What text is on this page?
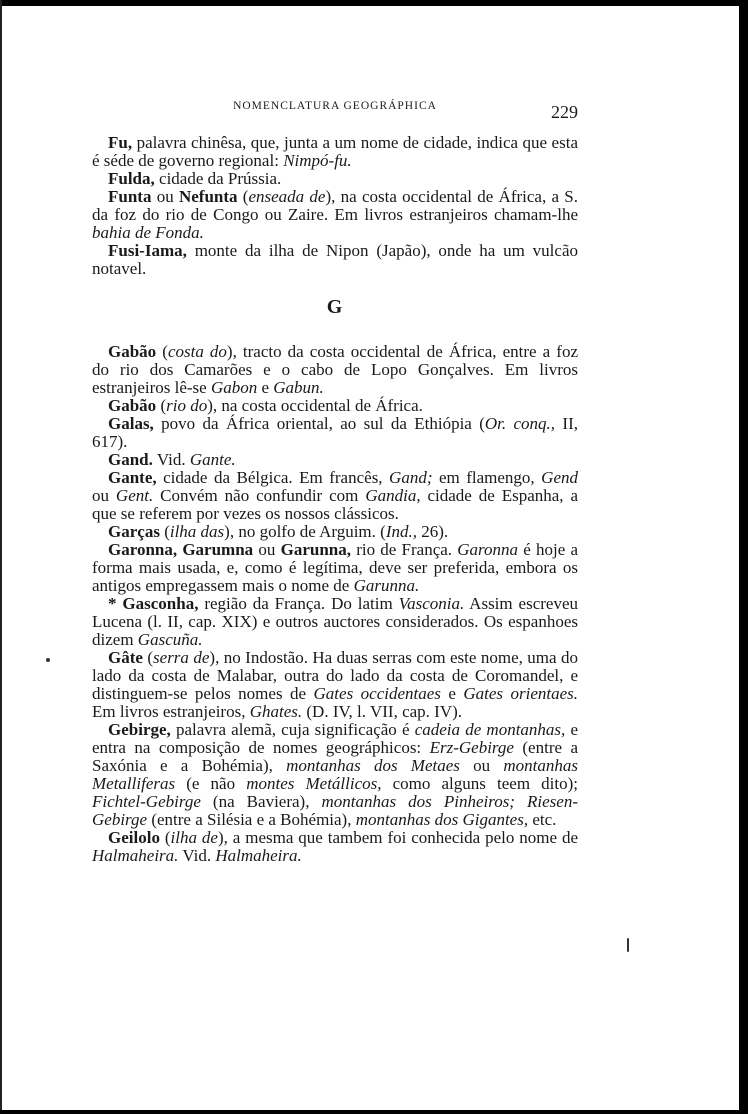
NOMENCLATURA GEOGRÁPHICA	229

Fu, palavra chinêsa, que, junta a um nome de cidade, indica que esta é séde de governo regional: Nimpó-fu.

Fulda, cidade da Prússia.

Funta ou Nefunta (enseada de), na costa occidental de África, a S. da foz do rio de Congo ou Zaire. Em livros estranjeiros chamam-lhe bahia de Fonda.

Fusi-Iama, monte da ilha de Nipon (Japão), onde ha um vulcão notavel.

G

Gabão (costa do), tracto da costa occidental de África, entre a foz do rio dos Camarões e o cabo de Lopo Gonçalves. Em livros estranjeiros lê-se Gabon e Gabun.

Gabão (rio do), na costa occidental de África.

Galas, povo da África oriental, ao sul da Ethiópia (Or. conq., II, 617).

Gand. Vid. Gante.

Gante, cidade da Bélgica. Em francês, Gand; em flamengo, Gend ou Gent. Convém não confundir com Gandia, cidade de Espanha, a que se referem por vezes os nossos clássicos.

Garças (ilha das), no golfo de Arguim. (Ind., 26).

Garonna, Garumna ou Garunna, rio de França. Garonna é hoje a forma mais usada, e, como é legítima, deve ser preferida, embora os antigos empregassem mais o nome de Garunna.

* Gasconha, região da França. Do latim Vasconia. Assim escreveu Lucena (l. II, cap. XIX) e outros auctores considerados. Os espanhoes dizem Gascuña.

Gâte (serra de), no Indostão. Ha duas serras com este nome, uma do lado da costa de Malabar, outra do lado da costa de Coromandel, e distinguem-se pelos nomes de Gates occidentaes e Gates orientaes. Em livros estranjeiros, Ghates. (D. IV, l. VII, cap. IV).

Gebirge, palavra alemã, cuja significação é cadeia de montanhas, e entra na composição de nomes geográphicos: Erz-Gebirge (entre a Saxónia e a Bohémia), montanhas dos Metaes ou montanhas Metalliferas (e não montes Metállicos, como alguns teem dito); Fichtel-Gebirge (na Baviera), montanhas dos Pinheiros; Riesen-Gebirge (entre a Silésia e a Bohémia), montanhas dos Gigantes, etc.

Geilolo (ilha de), a mesma que tambem foi conhecida pelo nome de Halmaheira. Vid. Halmaheira.
